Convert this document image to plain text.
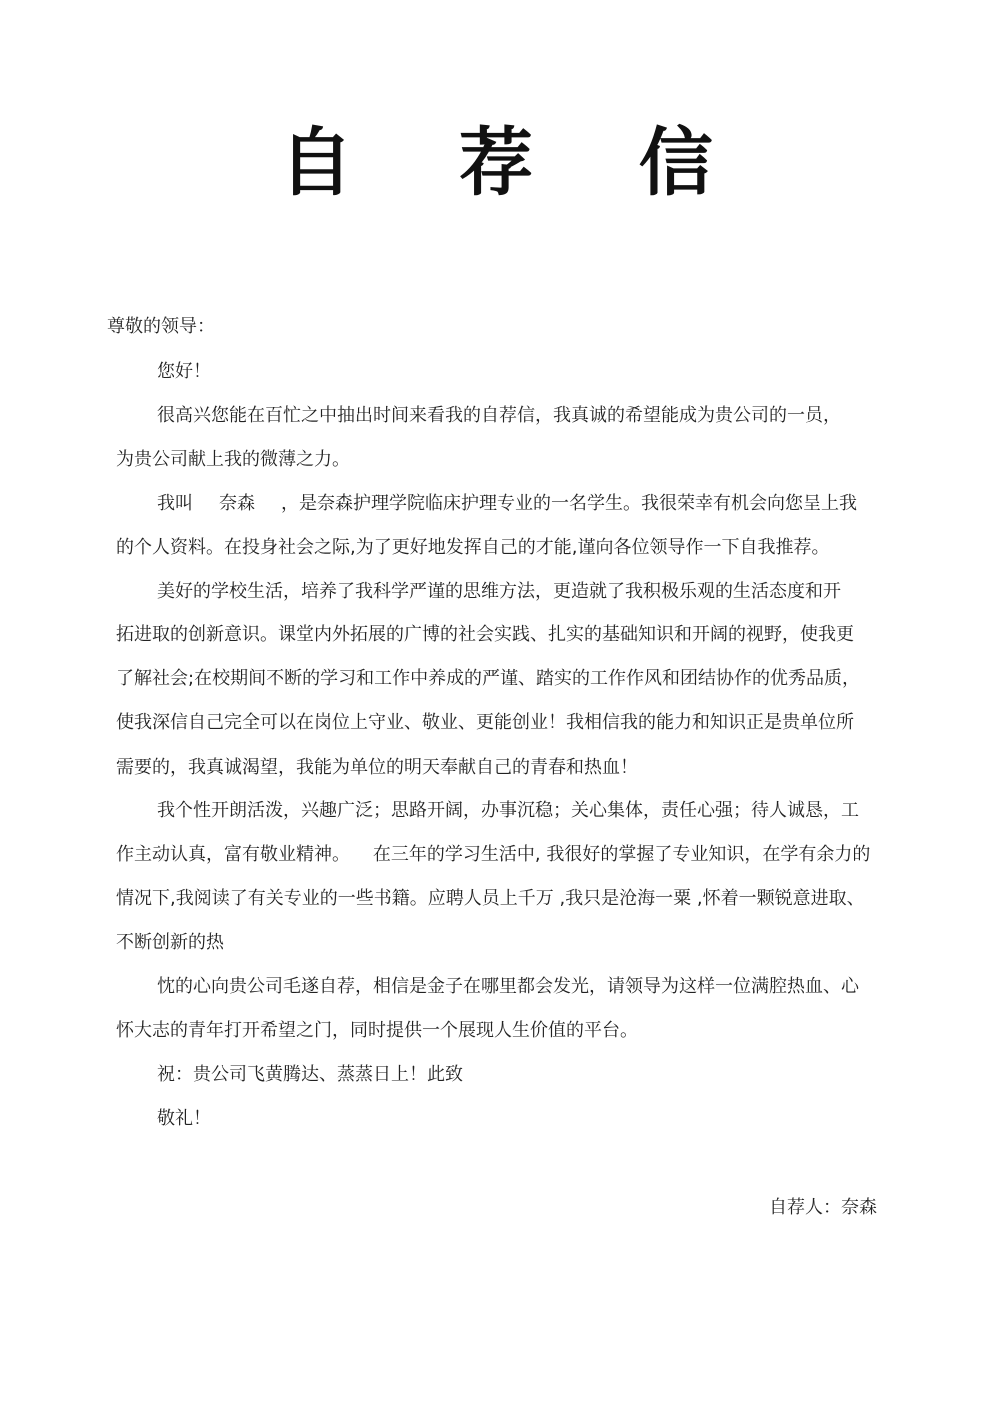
自 荐 信
尊敬的领导：
您好！
很高兴您能在百忙之中抽出时间来看我的自荐信，我真诚的希望能成为贵公司的一员，
为贵公司献上我的微薄之力。
我叫 奈森 ，是奈森护理学院临床护理专业的一名学生。我很荣幸有机会向您呈上我
的个人资料。在投身社会之际,为了更好地发挥自己的才能,谨向各位领导作一下自我推荐。
美好的学校生活，培养了我科学严谨的思维方法，更造就了我积极乐观的生活态度和开
拓进取的创新意识。课堂内外拓展的广博的社会实践、扎实的基础知识和开阔的视野，使我更
了解社会;在校期间不断的学习和工作中养成的严谨、踏实的工作作风和团结协作的优秀品质，
使我深信自己完全可以在岗位上守业、敬业、更能创业！我相信我的能力和知识正是贵单位所
需要的，我真诚渴望，我能为单位的明天奉献自己的青春和热血！
我个性开朗活泼，兴趣广泛；思路开阔，办事沉稳；关心集体，责任心强；待人诚恳，工
作主动认真，富有敬业精神。    在三年的学习生活中, 我很好的掌握了专业知识，在学有余力的
情况下,我阅读了有关专业的一些书籍。应聘人员上千万 ,我只是沧海一粟 ,怀着一颗锐意进取、
不断创新的热
忱的心向贵公司毛遂自荐，相信是金子在哪里都会发光，请领导为这样一位满腔热血、心
怀大志的青年打开希望之门，同时提供一个展现人生价值的平台。
祝：贵公司飞黄腾达、蒸蒸日上！此致
敬礼！
自荐人：奈森
